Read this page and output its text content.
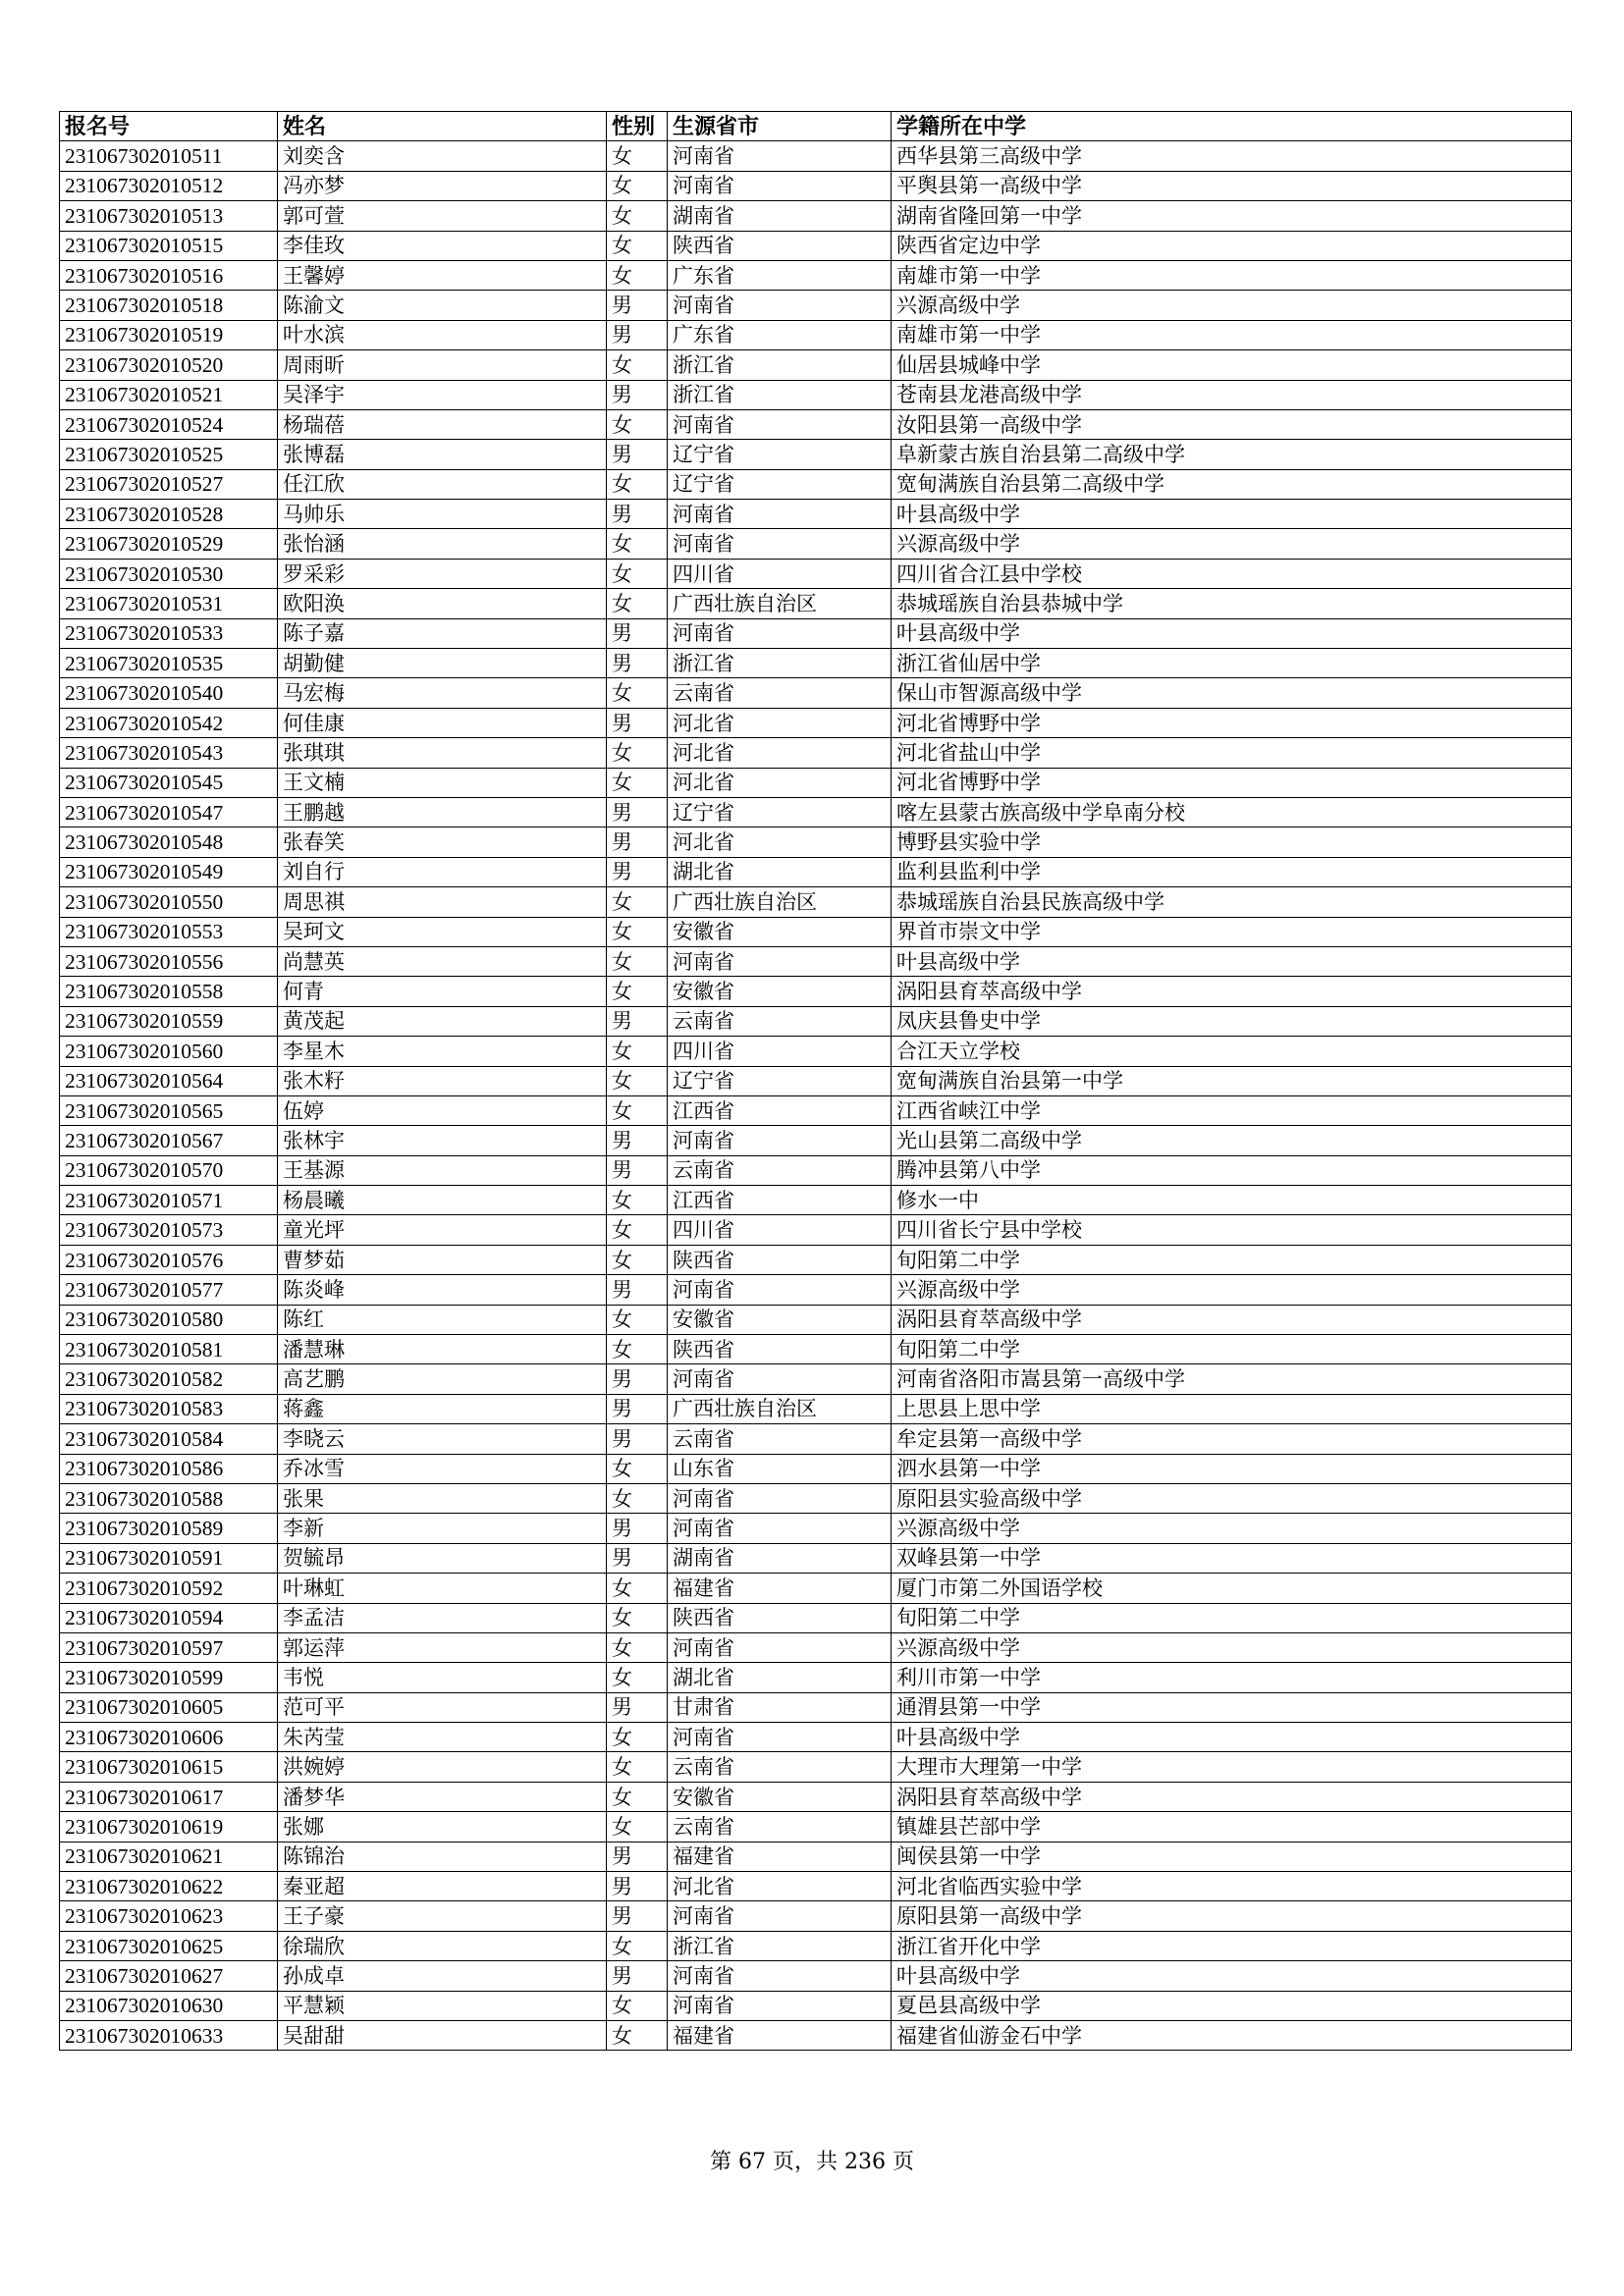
报名号	姓名	性别	生源省市	学籍所在中学
231067302010511	刘奕含	女	河南省	西华县第三高级中学
231067302010512	冯亦梦	女	河南省	平舆县第一高级中学
231067302010513	郭可萱	女	湖南省	湖南省隆回第一中学
231067302010515	李佳玫	女	陕西省	陕西省定边中学
231067302010516	王馨婷	女	广东省	南雄市第一中学
231067302010518	陈渝文	男	河南省	兴源高级中学
231067302010519	叶水滨	男	广东省	南雄市第一中学
231067302010520	周雨昕	女	浙江省	仙居县城峰中学
231067302010521	吴泽宇	男	浙江省	苍南县龙港高级中学
231067302010524	杨瑞蓓	女	河南省	汝阳县第一高级中学
231067302010525	张博磊	男	辽宁省	阜新蒙古族自治县第二高级中学
231067302010527	任江欣	女	辽宁省	宽甸满族自治县第二高级中学
231067302010528	马帅乐	男	河南省	叶县高级中学
231067302010529	张怡涵	女	河南省	兴源高级中学
231067302010530	罗采彩	女	四川省	四川省合江县中学校
231067302010531	欧阳涣	女	广西壮族自治区	恭城瑶族自治县恭城中学
231067302010533	陈子嘉	男	河南省	叶县高级中学
231067302010535	胡勤健	男	浙江省	浙江省仙居中学
231067302010540	马宏梅	女	云南省	保山市智源高级中学
231067302010542	何佳康	男	河北省	河北省博野中学
231067302010543	张琪琪	女	河北省	河北省盐山中学
231067302010545	王文楠	女	河北省	河北省博野中学
231067302010547	王鹏越	男	辽宁省	喀左县蒙古族高级中学阜南分校
231067302010548	张春笑	男	河北省	博野县实验中学
231067302010549	刘自行	男	湖北省	监利县监利中学
231067302010550	周思祺	女	广西壮族自治区	恭城瑶族自治县民族高级中学
231067302010553	吴珂文	女	安徽省	界首市崇文中学
231067302010556	尚慧英	女	河南省	叶县高级中学
231067302010558	何青	女	安徽省	涡阳县育萃高级中学
231067302010559	黄茂起	男	云南省	凤庆县鲁史中学
231067302010560	李星木	女	四川省	合江天立学校
231067302010564	张木籽	女	辽宁省	宽甸满族自治县第一中学
231067302010565	伍婷	女	江西省	江西省峡江中学
231067302010567	张林宇	男	河南省	光山县第二高级中学
231067302010570	王基源	男	云南省	腾冲县第八中学
231067302010571	杨晨曦	女	江西省	修水一中
231067302010573	童光坪	女	四川省	四川省长宁县中学校
231067302010576	曹梦茹	女	陕西省	旬阳第二中学
231067302010577	陈炎峰	男	河南省	兴源高级中学
231067302010580	陈红	女	安徽省	涡阳县育萃高级中学
231067302010581	潘慧琳	女	陕西省	旬阳第二中学
231067302010582	高艺鹏	男	河南省	河南省洛阳市嵩县第一高级中学
231067302010583	蒋鑫	男	广西壮族自治区	上思县上思中学
231067302010584	李晓云	男	云南省	牟定县第一高级中学
231067302010586	乔冰雪	女	山东省	泗水县第一中学
231067302010588	张果	女	河南省	原阳县实验高级中学
231067302010589	李新	男	河南省	兴源高级中学
231067302010591	贺毓昂	男	湖南省	双峰县第一中学
231067302010592	叶琳虹	女	福建省	厦门市第二外国语学校
231067302010594	李孟洁	女	陕西省	旬阳第二中学
231067302010597	郭运萍	女	河南省	兴源高级中学
231067302010599	韦悦	女	湖北省	利川市第一中学
231067302010605	范可平	男	甘肃省	通渭县第一中学
231067302010606	朱芮莹	女	河南省	叶县高级中学
231067302010615	洪婉婷	女	云南省	大理市大理第一中学
231067302010617	潘梦华	女	安徽省	涡阳县育萃高级中学
231067302010619	张娜	女	云南省	镇雄县芒部中学
231067302010621	陈锦治	男	福建省	闽侯县第一中学
231067302010622	秦亚超	男	河北省	河北省临西实验中学
231067302010623	王子豪	男	河南省	原阳县第一高级中学
231067302010625	徐瑞欣	女	浙江省	浙江省开化中学
231067302010627	孙成卓	男	河南省	叶县高级中学
231067302010630	平慧颖	女	河南省	夏邑县高级中学
231067302010633	吴甜甜	女	福建省	福建省仙游金石中学
第 67 页，共 236 页
